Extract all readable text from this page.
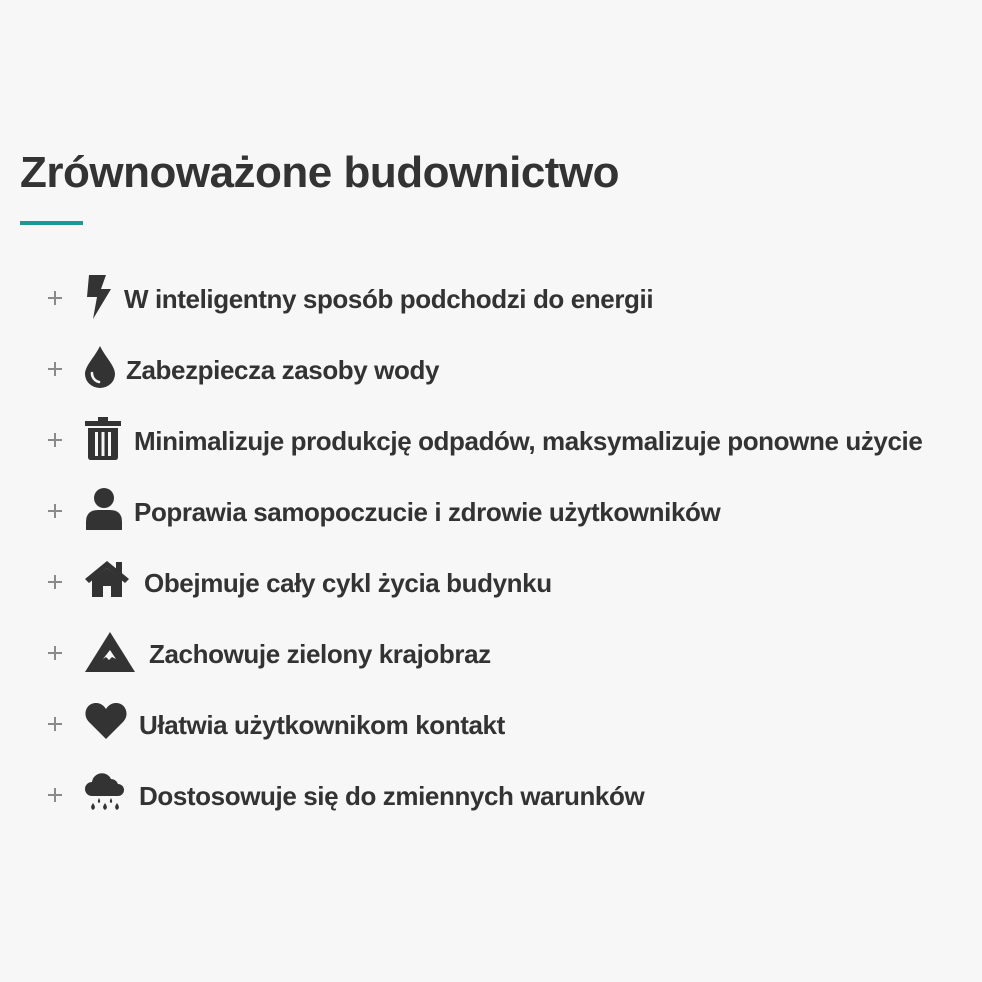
Zrównoważone budownictwo
W inteligentny sposób podchodzi do energii
Zabezpiecza zasoby wody
Minimalizuje produkcję odpadów, maksymalizuje ponowne użycie
Poprawia samopoczucie i zdrowie użytkowników
Obejmuje cały cykl życia budynku
Zachowuje zielony krajobraz
Ułatwia użytkownikom kontakt
Dostosowuje się do zmiennych warunków
